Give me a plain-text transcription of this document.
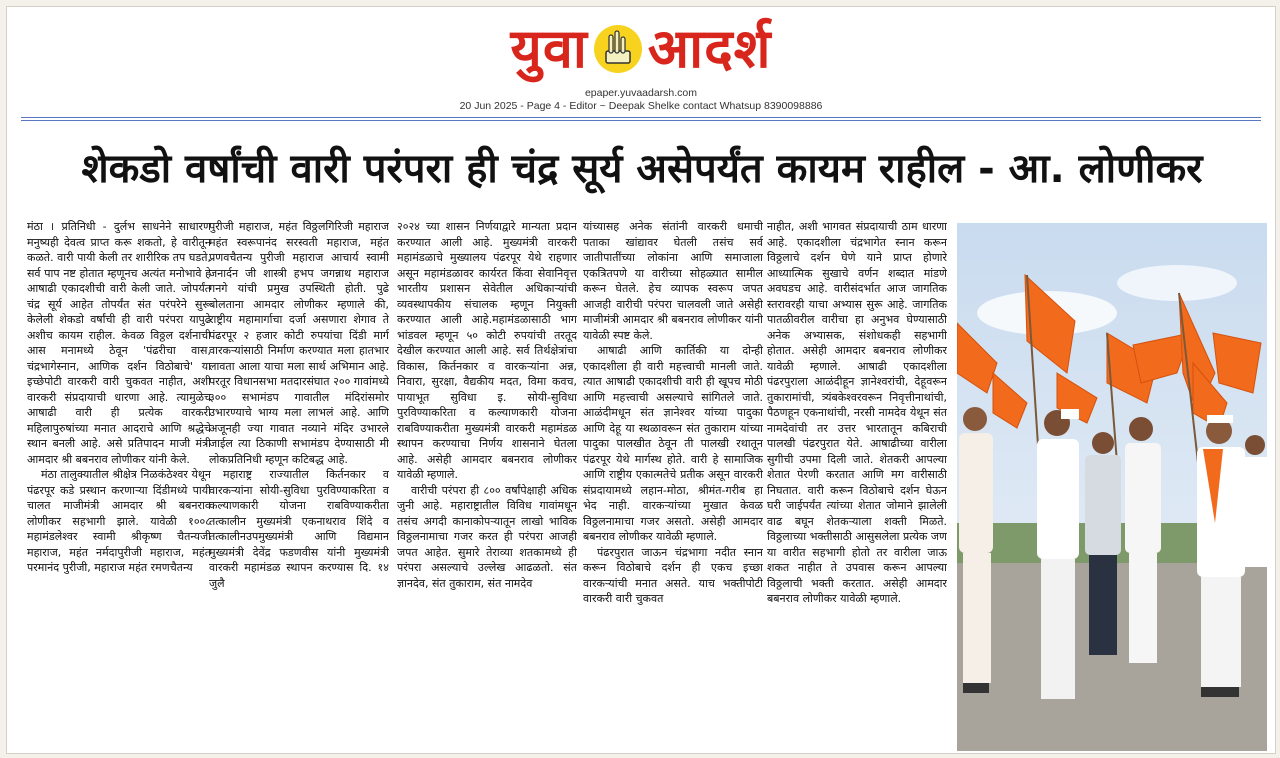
युवा आदर्श
epaper.yuvaadarsh.com
20 Jun 2025 - Page 4 - Editor ~ Deepak Shelke contact Whatsup 8390098886
शेकडो वर्षांची वारी परंपरा ही चंद्र सूर्य असेपर्यंत कायम राहील - आ. लोणीकर

मंठा । प्रतिनिधी - दुर्लभ साधनेने साधारण मनुष्यही देवत्व प्राप्त करू शकतो, हे वारीतून कळते. वारी पायी केली तर शारीरिक तप घडते, सर्व पाप नष्ट होतात म्हणूनच अत्यंत मनोभावे हे आषाढी एकादशीची वारी केली जाते. जोपर्यंत चंद्र सूर्य आहेत तोपर्यंत संत परंपरेने सुरू केलेली शेकडो वर्षांची ही वारी परंपरा यापुढे अशीच कायम राहील. केवळ विठ्ठल दर्शनाची आस मनामध्ये ठेवून 'पंढरीचा वास, चंद्रभागेस्नान, आणिक दर्शन विठोबाचे' या इच्छेपोटी वारकरी वारी चुकवत नाहीत, अशी वारकरी संप्रदायाची धारणा आहे. त्यामुळेच आषाढी वारी ही प्रत्येक वारकरी महिलापुरुषांच्या मनात आदराचे आणि श्रद्धेचे स्थान बनली आहे. असे प्रतिपादन माजी मंत्री आमदार श्री बबनराव लोणीकर यांनी केले.

मंठा तालुक्यातील श्रीक्षेत्र निळकंठेश्वर येथून पंढरपूर कडे प्रस्थान करणाऱ्या दिंडीमध्ये पायी चालत माजीमंत्री आमदार श्री बबनराव लोणीकर सहभागी झाले. यावेळी १००८ महामंडलेश्वर स्वामी श्रीकृष्ण चैतन्यजी महाराज, महंत नर्मदापुरीजी महाराज, महंत परमानंद पुरीजी, महाराज महंत रमणचैतन्य

पुरीजी महाराज, महंत विठ्ठलगिरिजी महाराज महंत स्वरूपानंद सरस्वती महाराज, महंत प्रणवचैतन्य पुरीजी महाराज आचार्य स्वामी जनार्दन जी शास्त्री हभप जगन्नाथ महाराज गनगे यांची प्रमुख उपस्थिती होती. पुढे बोलताना आमदार लोणीकर म्हणाले की, राष्ट्रीय महामार्गाचा दर्जा असणारा शेगाव ते पंढरपूर २ हजार कोटी रुपयांचा दिंडी मार्ग वारकऱ्यांसाठी निर्माण करण्यात मला हातभार लावता आला याचा मला सार्थ अभिमान आहे. परतूर विधानसभा मतदारसंघात २०० गावांमध्ये ३०० सभामंडप गावातील मंदिरांसमोर उभारण्याचे भाग्य मला लाभलं आहे. आणि अजूनही ज्या गावात नव्याने मंदिर उभारले जाईल त्या ठिकाणी सभामंडप देण्यासाठी मी लोकप्रतिनिधी म्हणून कटिबद्ध आहे.

महाराष्ट्र राज्यातील किर्तनकार व वारकऱ्यांना सोयी-सुविधा पुरविण्याकरिता व कल्याणकारी योजना राबविण्याकरीता तत्कालीन मुख्यमंत्री एकनाथराव शिंदे व तत्कालीनउपमुख्यमंत्री आणि विद्यमान मुख्यमंत्री देवेंद्र फडणवीस यांनी मुख्यमंत्री वारकरी महामंडळ स्थापन करण्यास दि. १४ जुलै

२०२४ च्या शासन निर्णयाद्वारे मान्यता प्रदान करण्यात आली आहे. मुख्यमंत्री वारकरी महामंडळाचे मुख्यालय पंढरपूर येथे राहणार असून महामंडळावर कार्यरत किंवा सेवानिवृत्त भारतीय प्रशासन सेवेतील अधिकाऱ्यांची व्यवस्थापकीय संचालक म्हणून नियुक्ती करण्यात आली आहे.महामंडळासाठी भाग भांडवल म्हणून ५० कोटी रुपयांची तरतूद देखील करण्यात आली आहे. सर्व तिर्थक्षेत्रांचा विकास, किर्तनकार व वारकऱ्यांना अन्न, निवारा, सुरक्षा, वैद्यकीय मदत, विमा कवच, पायाभूत सुविधा इ. सोयी-सुविधा पुरविण्याकरिता व कल्याणकारी योजना राबविण्याकरीता मुख्यमंत्री वारकरी महामंडळ स्थापन करण्याचा निर्णय शासनाने घेतला आहे. असेही आमदार बबनराव लोणीकर यावेळी म्हणाले.

वारीची परंपरा ही ८०० वर्षांपेक्षाही अधिक जुनी आहे. महाराष्ट्रातील विविध गावांमधून तसंच अगदी कानाकोपऱ्यातून लाखो भाविक विठ्ठलनामाचा गजर करत ही परंपरा आजही जपत आहेत. सुमारे तेराव्या शतकामध्ये ही परंपरा असल्याचे उल्लेख आढळतो. संत ज्ञानदेव, संत तुकाराम, संत नामदेव

यांच्यासह अनेक संतांनी वारकरी धमाची पताका खांद्यावर घेतली तसंच सर्व जातीपातींच्या लोकांना आणि समाजाला एकत्रितपणे या वारीच्या सोहळ्यात सामील करून घेतले. हेच व्यापक स्वरूप जपत आजही वारीची परंपरा चालवली जाते असेही माजीमंत्री आमदार श्री बबनराव लोणीकर यांनी यावेळी स्पष्ट केले.

आषाढी आणि कार्तिकी या दोन्ही एकादशीला ही वारी महत्त्वाची मानली जाते. त्यात आषाढी एकादशीची वारी ही खूपच मोठी आणि महत्त्वाची असल्याचे सांगितले जाते. आळंदीमधून संत ज्ञानेश्वर यांच्या पादुका आणि देहू या स्थळावरून संत तुकाराम यांच्या पादुका पालखीत ठेवून ती पालखी रथातून पंढरपूर येथे मार्गस्थ होते. वारी हे सामाजिक आणि राष्ट्रीय एकात्मतेचे प्रतीक असून वारकरी संप्रदायामध्ये लहान-मोठा, श्रीमंत-गरीब हा भेद नाही. वारकऱ्यांच्या मुखात केवळ विठ्ठलनामाचा गजर असतो. असेही आमदार बबनराव लोणीकर यावेळी म्हणाले.

पंढरपुरात जाऊन चंद्रभागा नदीत स्नान करून विठोबाचे दर्शन ही एकच इच्छा वारकऱ्यांची मनात असते. याच भक्तीपोटी वारकरी वारी चुकवत

नाहीत, अशी भागवत संप्रदायाची ठाम धारणा आहे. एकादशीला चंद्रभागेत स्नान करून विठ्ठलाचे दर्शन घेणे याने प्राप्त होणारे आध्यात्मिक सुखाचे वर्णन शब्दात मांडणे अवघडच आहे. वारीसंदर्भात आज जागतिक स्तरावरही याचा अभ्यास सुरू आहे. जागतिक पातळीवरील वारीचा हा अनुभव घेण्यासाठी अनेक अभ्यासक, संशोधकही सहभागी होतात. असेही आमदार बबनराव लोणीकर यावेळी म्हणाले. आषाढी एकादशीला पंढरपुराला आळंदीहून ज्ञानेश्वरांची, देहूवरून तुकारामांची, त्र्यंबकेश्वरवरून निवृत्तीनाथांची, पैठणहून एकनाथांची, नरसी नामदेव येथून संत नामदेवांची तर उत्तर भारतातून कबिराची पालखी पंढरपुरात येते. आषाढीच्या वारीला सुगीची उपमा दिली जाते. शेतकरी आपल्या शेतात पेरणी करतात आणि मग वारीसाठी निघतात. वारी करून विठोबाचे दर्शन घेऊन घरी जाईपर्यंत त्यांच्या शेतात जोमाने झालेली वाढ बघून शेतकऱ्याला शक्ती मिळते. विठ्ठलाच्या भक्तीसाठी आसुसलेला प्रत्येक जण या वारीत सहभागी होतो तर वारीला जाऊ शकत नाहीत ते उपवास करून आपल्या विठ्ठलाची भक्ती करतात. असेही आमदार बबनराव लोणीकर यावेळी म्हणाले.
